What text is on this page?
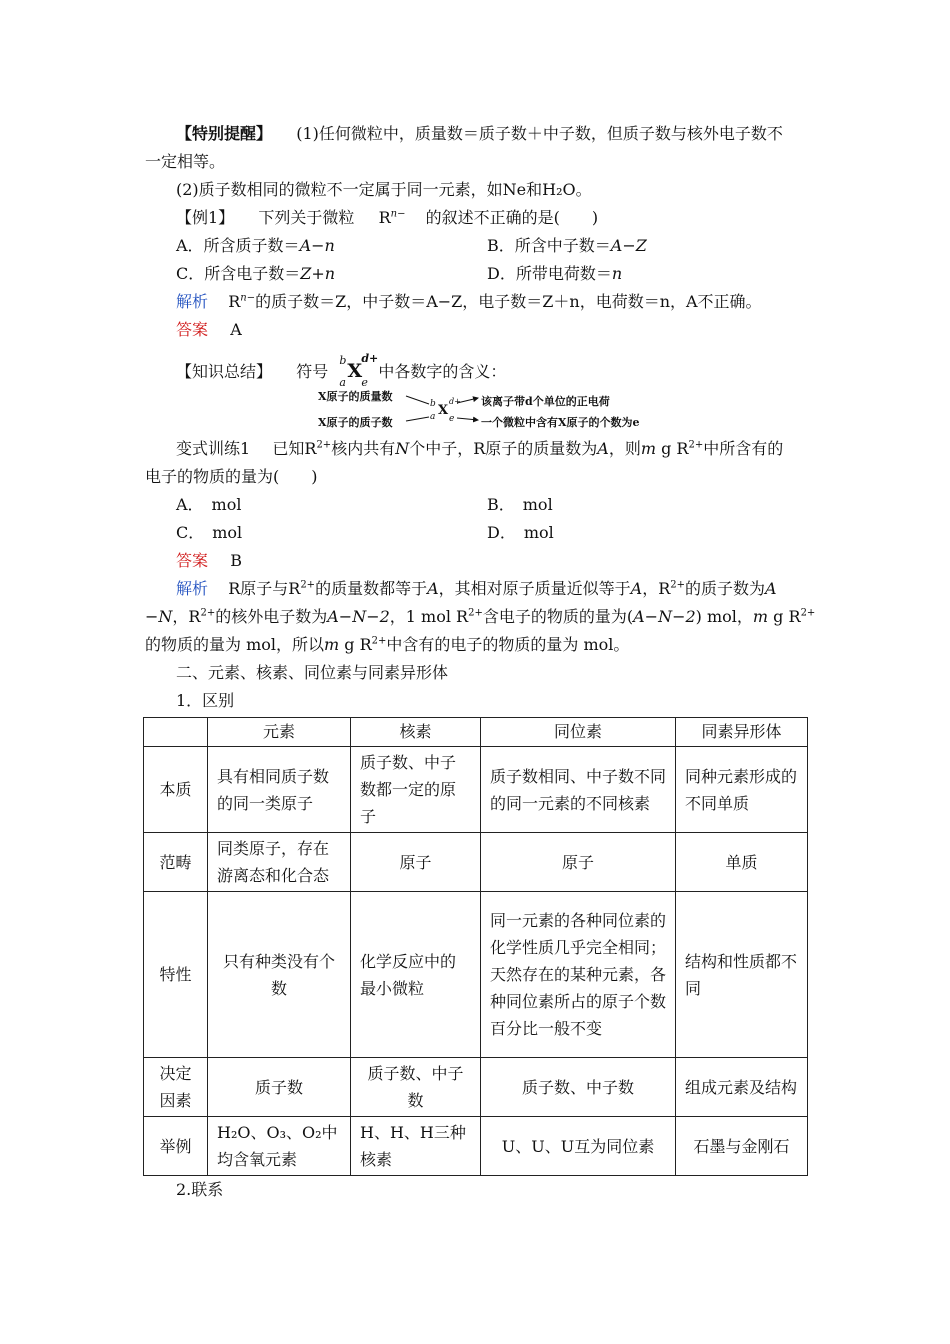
【特别提醒】 (1)任何微粒中，质量数＝质子数＋中子数，但质子数与核外电子数不
一定相等。
(2)质子数相同的微粒不一定属于同一元素，如Ne和H₂O。
【例1】 下列关于微粒 $R^{n-}$ 的叙述不正确的是(　　)
A．所含质子数＝A−n	B．所含中子数＝A−Z
C．所含电子数＝Z+n	D．所带电荷数＝n
解析 $R^{n-}$的质子数＝Z，中子数＝A−Z，电子数＝Z＋n，电荷数＝n，A不正确。
答案 A
【知识总结】 符号
b
a
X
d+
e
中各数字的含义：
X原子的质量数
X原子的质子数
该离子带d个单位的正电荷
一个微粒中含有X原子的个数为e
b
a X
d+
e
变式训练1 已知$R^{2+}$核内共有N个中子，R原子的质量数为A，则m g $R^{2+}$中所含有的
电子的物质的量为(　　)
A．　mol	B．　mol
C．　mol	D．　mol
答案 B
解析 R原子与$R^{2+}$的质量数都等于A，其相对原子质量近似等于A，$R^{2+}$的质子数为A
−N，$R^{2+}$的核外电子数为A−N−2，1 mol $R^{2+}$含电子的物质的量为(A−N−2) mol，m g $R^{2+}$
的物质的量为 mol，所以m g $R^{2+}$中含有的电子的物质的量为 mol。
二、元素、核素、同位素与同素异形体
1．区别
	元素	核素	同位素	同素异形体
本质	具有相同质子数的同一类原子	质子数、中子数都一定的原子	质子数相同、中子数不同的同一元素的不同核素	同种元素形成的不同单质
范畴	同类原子，存在游离态和化合态	原子	原子	单质
特性	只有种类没有个数	化学反应中的最小微粒	同一元素的各种同位素的化学性质几乎完全相同；天然存在的某种元素，各种同位素所占的原子个数百分比一般不变	结构和性质都不同
决定因素	质子数	质子数、中子数	质子数、中子数	组成元素及结构
举例	H₂O、O₃、O₂中均含氧元素	H、H、H三种核素	U、U、U互为同位素	石墨与金刚石
2.联系
